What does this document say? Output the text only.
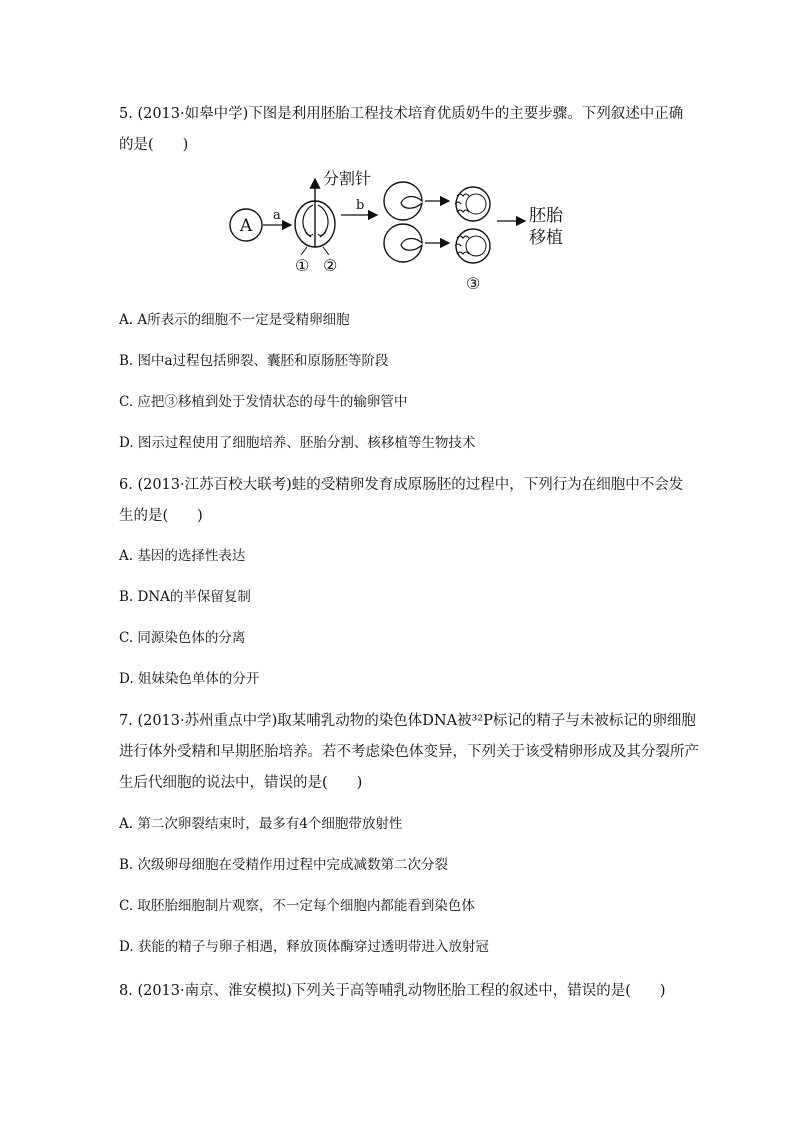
5. (2013·如皋中学)下图是利用胚胎工程技术培育优质奶牛的主要步骤。下列叙述中正确
的是(　　)
A
a
分割针
① ②
b
③
胚胎
移植
A. A所表示的细胞不一定是受精卵细胞
B. 图中a过程包括卵裂、囊胚和原肠胚等阶段
C. 应把③移植到处于发情状态的母牛的输卵管中
D. 图示过程使用了细胞培养、胚胎分割、核移植等生物技术
6. (2013·江苏百校大联考)蛙的受精卵发育成原肠胚的过程中，下列行为在细胞中不会发
生的是(　　)
A. 基因的选择性表达
B. DNA的半保留复制
C. 同源染色体的分离
D. 姐妹染色单体的分开
7. (2013·苏州重点中学)取某哺乳动物的染色体DNA被³²P标记的精子与未被标记的卵细胞
进行体外受精和早期胚胎培养。若不考虑染色体变异，下列关于该受精卵形成及其分裂所产
生后代细胞的说法中，错误的是(　　)
A. 第二次卵裂结束时，最多有4个细胞带放射性
B. 次级卵母细胞在受精作用过程中完成减数第二次分裂
C. 取胚胎细胞制片观察，不一定每个细胞内都能看到染色体
D. 获能的精子与卵子相遇，释放顶体酶穿过透明带进入放射冠
8. (2013·南京、淮安模拟)下列关于高等哺乳动物胚胎工程的叙述中，错误的是(　　)
